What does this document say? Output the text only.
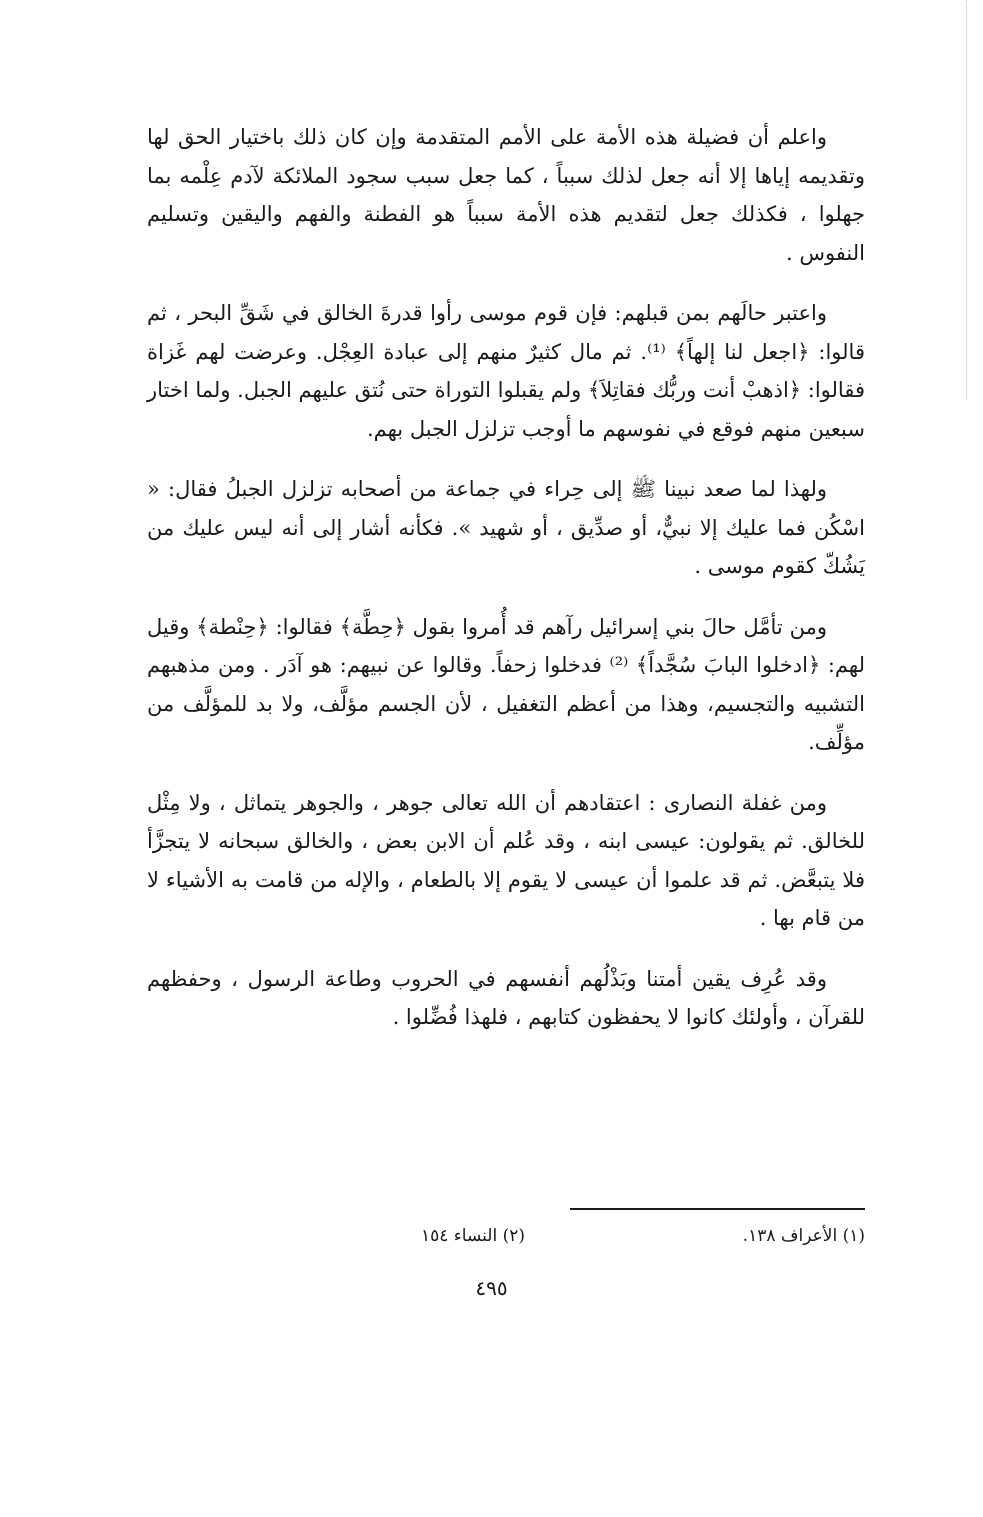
واعلم أن فضيلة هذه الأمة على الأمم المتقدمة وإن كان ذلك باختيار الحق لها وتقديمه إياها إلا أنه جعل لذلك سبباً ، كما جعل سبب سجود الملائكة لآدم عِلْمه بما جهلوا ، فكذلك جعل لتقديم هذه الأمة سبباً هو الفطنة والفهم واليقين وتسليم النفوس .

واعتبر حالَهم بمن قبلهم: فإن قوم موسى رأوا قدرةَ الخالق في شَقِّ البحر ، ثم قالوا: ﴿اجعل لنا إلهاً﴾ ⁽¹⁾. ثم مال كثيرٌ منهم إلى عبادة العِجْل. وعرضت لهم غَزاة فقالوا: ﴿اذهبْ أنت وربُّك فقاتِلاَ﴾ ولم يقبلوا التوراة حتى نُتق عليهم الجبل. ولما اختار سبعين منهم فوقع في نفوسهم ما أوجب تزلزل الجبل بهم.

ولهذا لما صعد نبينا ﷺ إلى حِراء في جماعة من أصحابه تزلزل الجبلُ فقال: « اسْكُن فما عليك إلا نبيٌّ، أو صدِّيق ، أو شهيد ». فكأنه أشار إلى أنه ليس عليك من يَشُكّ كقوم موسى .

ومن تأمَّل حالَ بني إسرائيل رآهم قد أُمروا بقول ﴿حِطَّة﴾ فقالوا: ﴿حِنْطة﴾ وقيل لهم: ﴿ادخلوا البابَ سُجَّداً﴾ ⁽²⁾ فدخلوا زحفاً. وقالوا عن نبيهم: هو آدَر . ومن مذهبهم التشبيه والتجسيم، وهذا من أعظم التغفيل ، لأن الجسم مؤلَّف، ولا بد للمؤلَّف من مؤلِّف.

ومن غفلة النصارى : اعتقادهم أن الله تعالى جوهر ، والجوهر يتماثل ، ولا مِثْل للخالق. ثم يقولون: عيسى ابنه ، وقد عُلم أن الابن بعض ، والخالق سبحانه لا يتجزَّأ فلا يتبعَّض. ثم قد علموا أن عيسى لا يقوم إلا بالطعام ، والإله من قامت به الأشياء لا من قام بها .

وقد عُرِف يقين أمتنا وبَذْلُهم أنفسهم في الحروب وطاعة الرسول ، وحفظهم للقرآن ، وأولئك كانوا لا يحفظون كتابهم ، فلهذا فُضِّلوا .

(١) الأعراف ١٣٨.
(٢) النساء ١٥٤
٤٩٥
